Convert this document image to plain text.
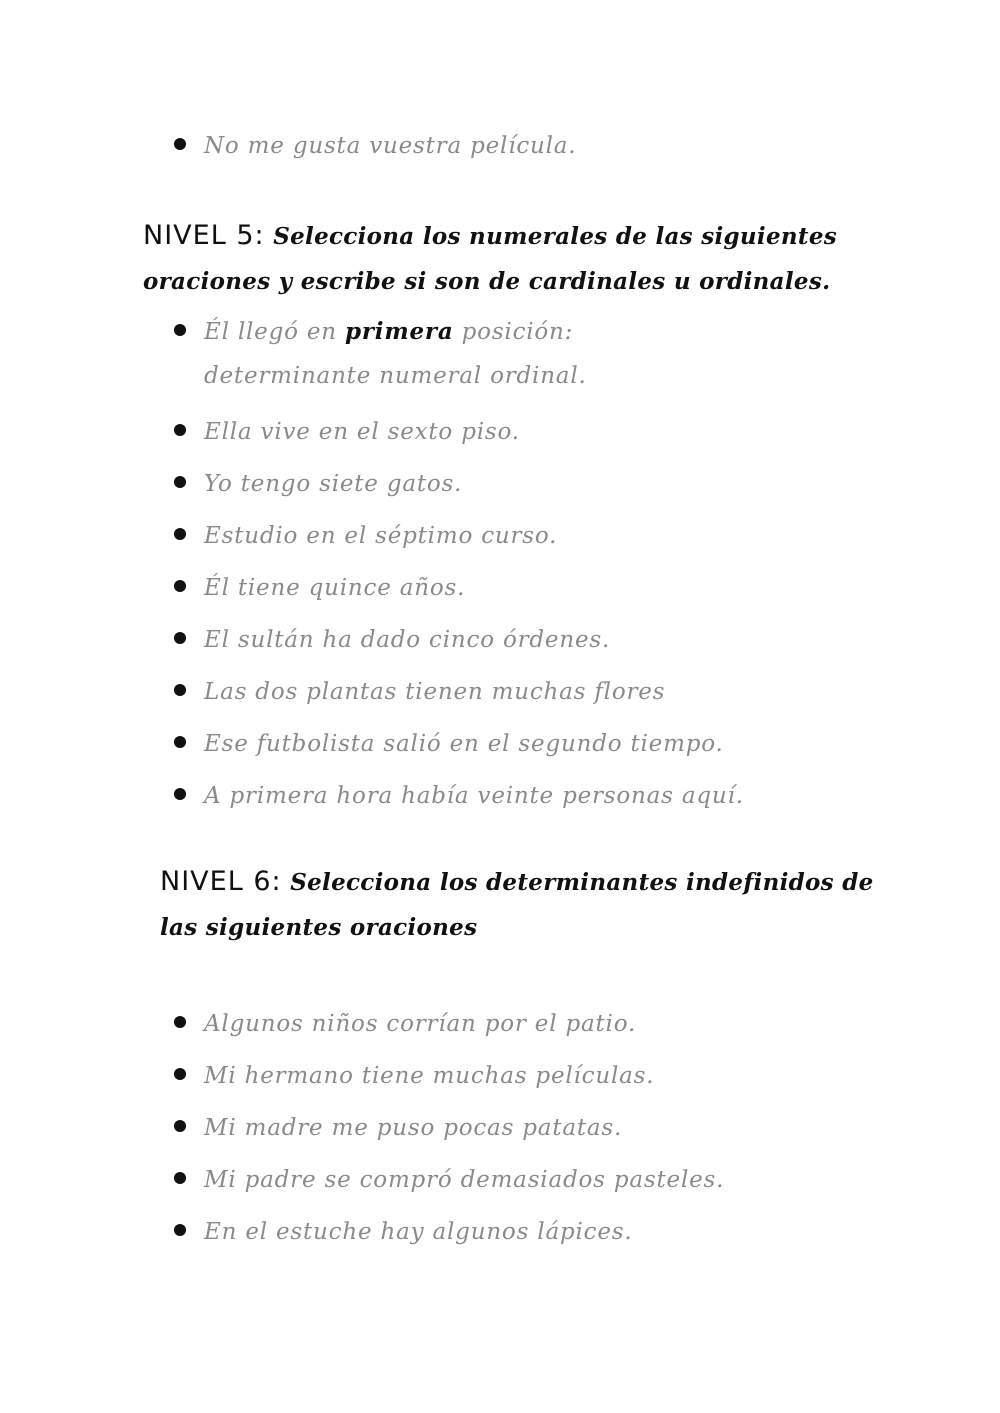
No me gusta vuestra película.
NIVEL 5: Selecciona los numerales de las siguientes oraciones y escribe si son de cardinales u ordinales.
Él llegó en primera posición: determinante numeral ordinal.
Ella vive en el sexto piso.
Yo tengo siete gatos.
Estudio en el séptimo curso.
Él tiene quince años.
El sultán ha dado cinco órdenes.
Las dos plantas tienen muchas flores
Ese futbolista salió en el segundo tiempo.
A primera hora había veinte personas aquí.
NIVEL 6: Selecciona los determinantes indefinidos de las siguientes oraciones
Algunos niños corrían por el patio.
Mi hermano tiene muchas películas.
Mi madre me puso pocas patatas.
Mi padre se compró demasiados pasteles.
En el estuche hay algunos lápices.
